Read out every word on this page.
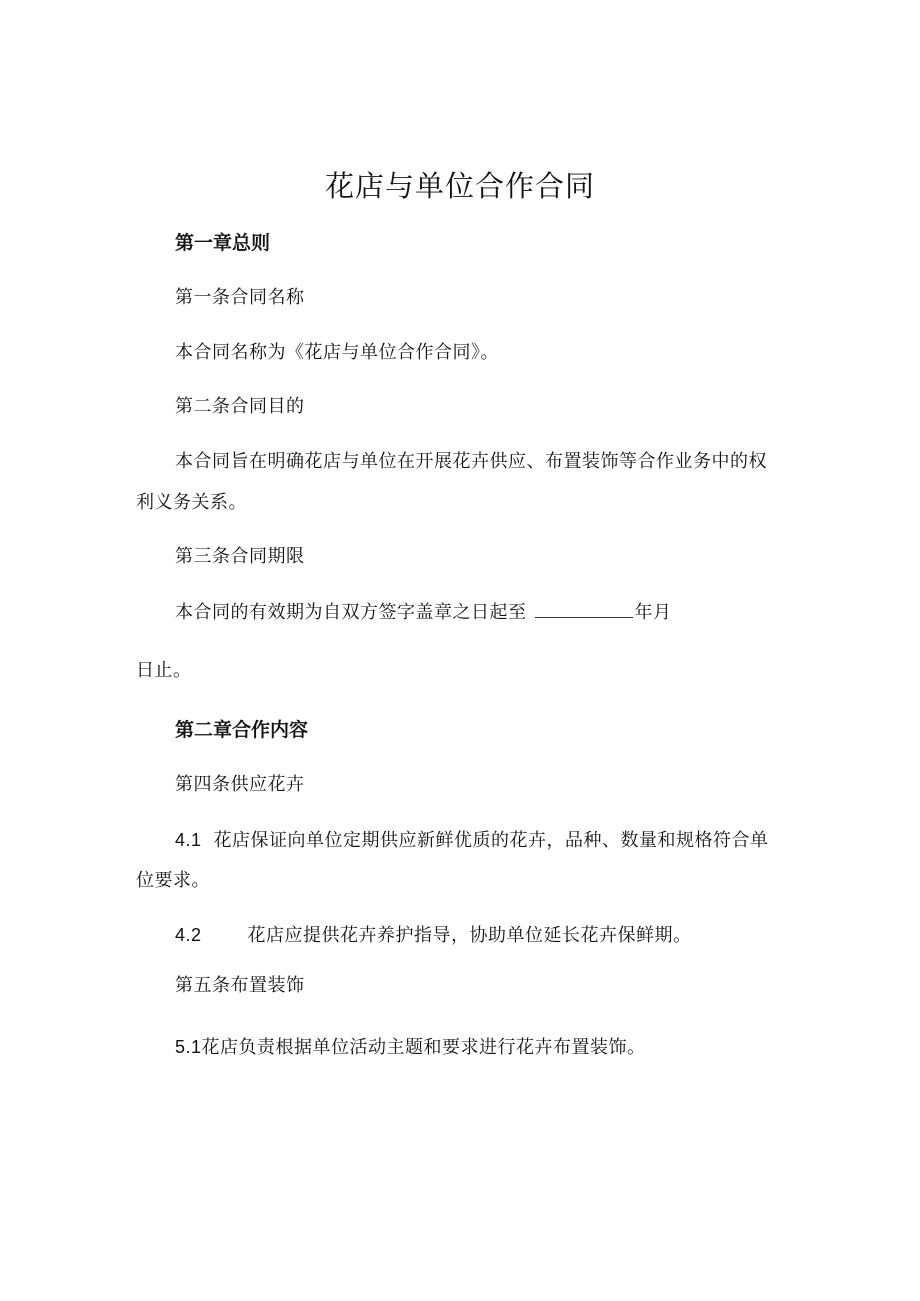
花店与单位合作合同
第一章总则
第一条合同名称
本合同名称为《花店与单位合作合同》。
第二条合同目的
本合同旨在明确花店与单位在开展花卉供应、布置装饰等合作业务中的权
利义务关系。
第三条合同期限
本合同的有效期为自双方签字盖章之日起至	年月
日止。
第二章合作内容
第四条供应花卉
4.1 花店保证向单位定期供应新鲜优质的花卉，品种、数量和规格符合单
位要求。
4.2	花店应提供花卉养护指导，协助单位延长花卉保鲜期。
第五条布置装饰
5.1花店负责根据单位活动主题和要求进行花卉布置装饰。
